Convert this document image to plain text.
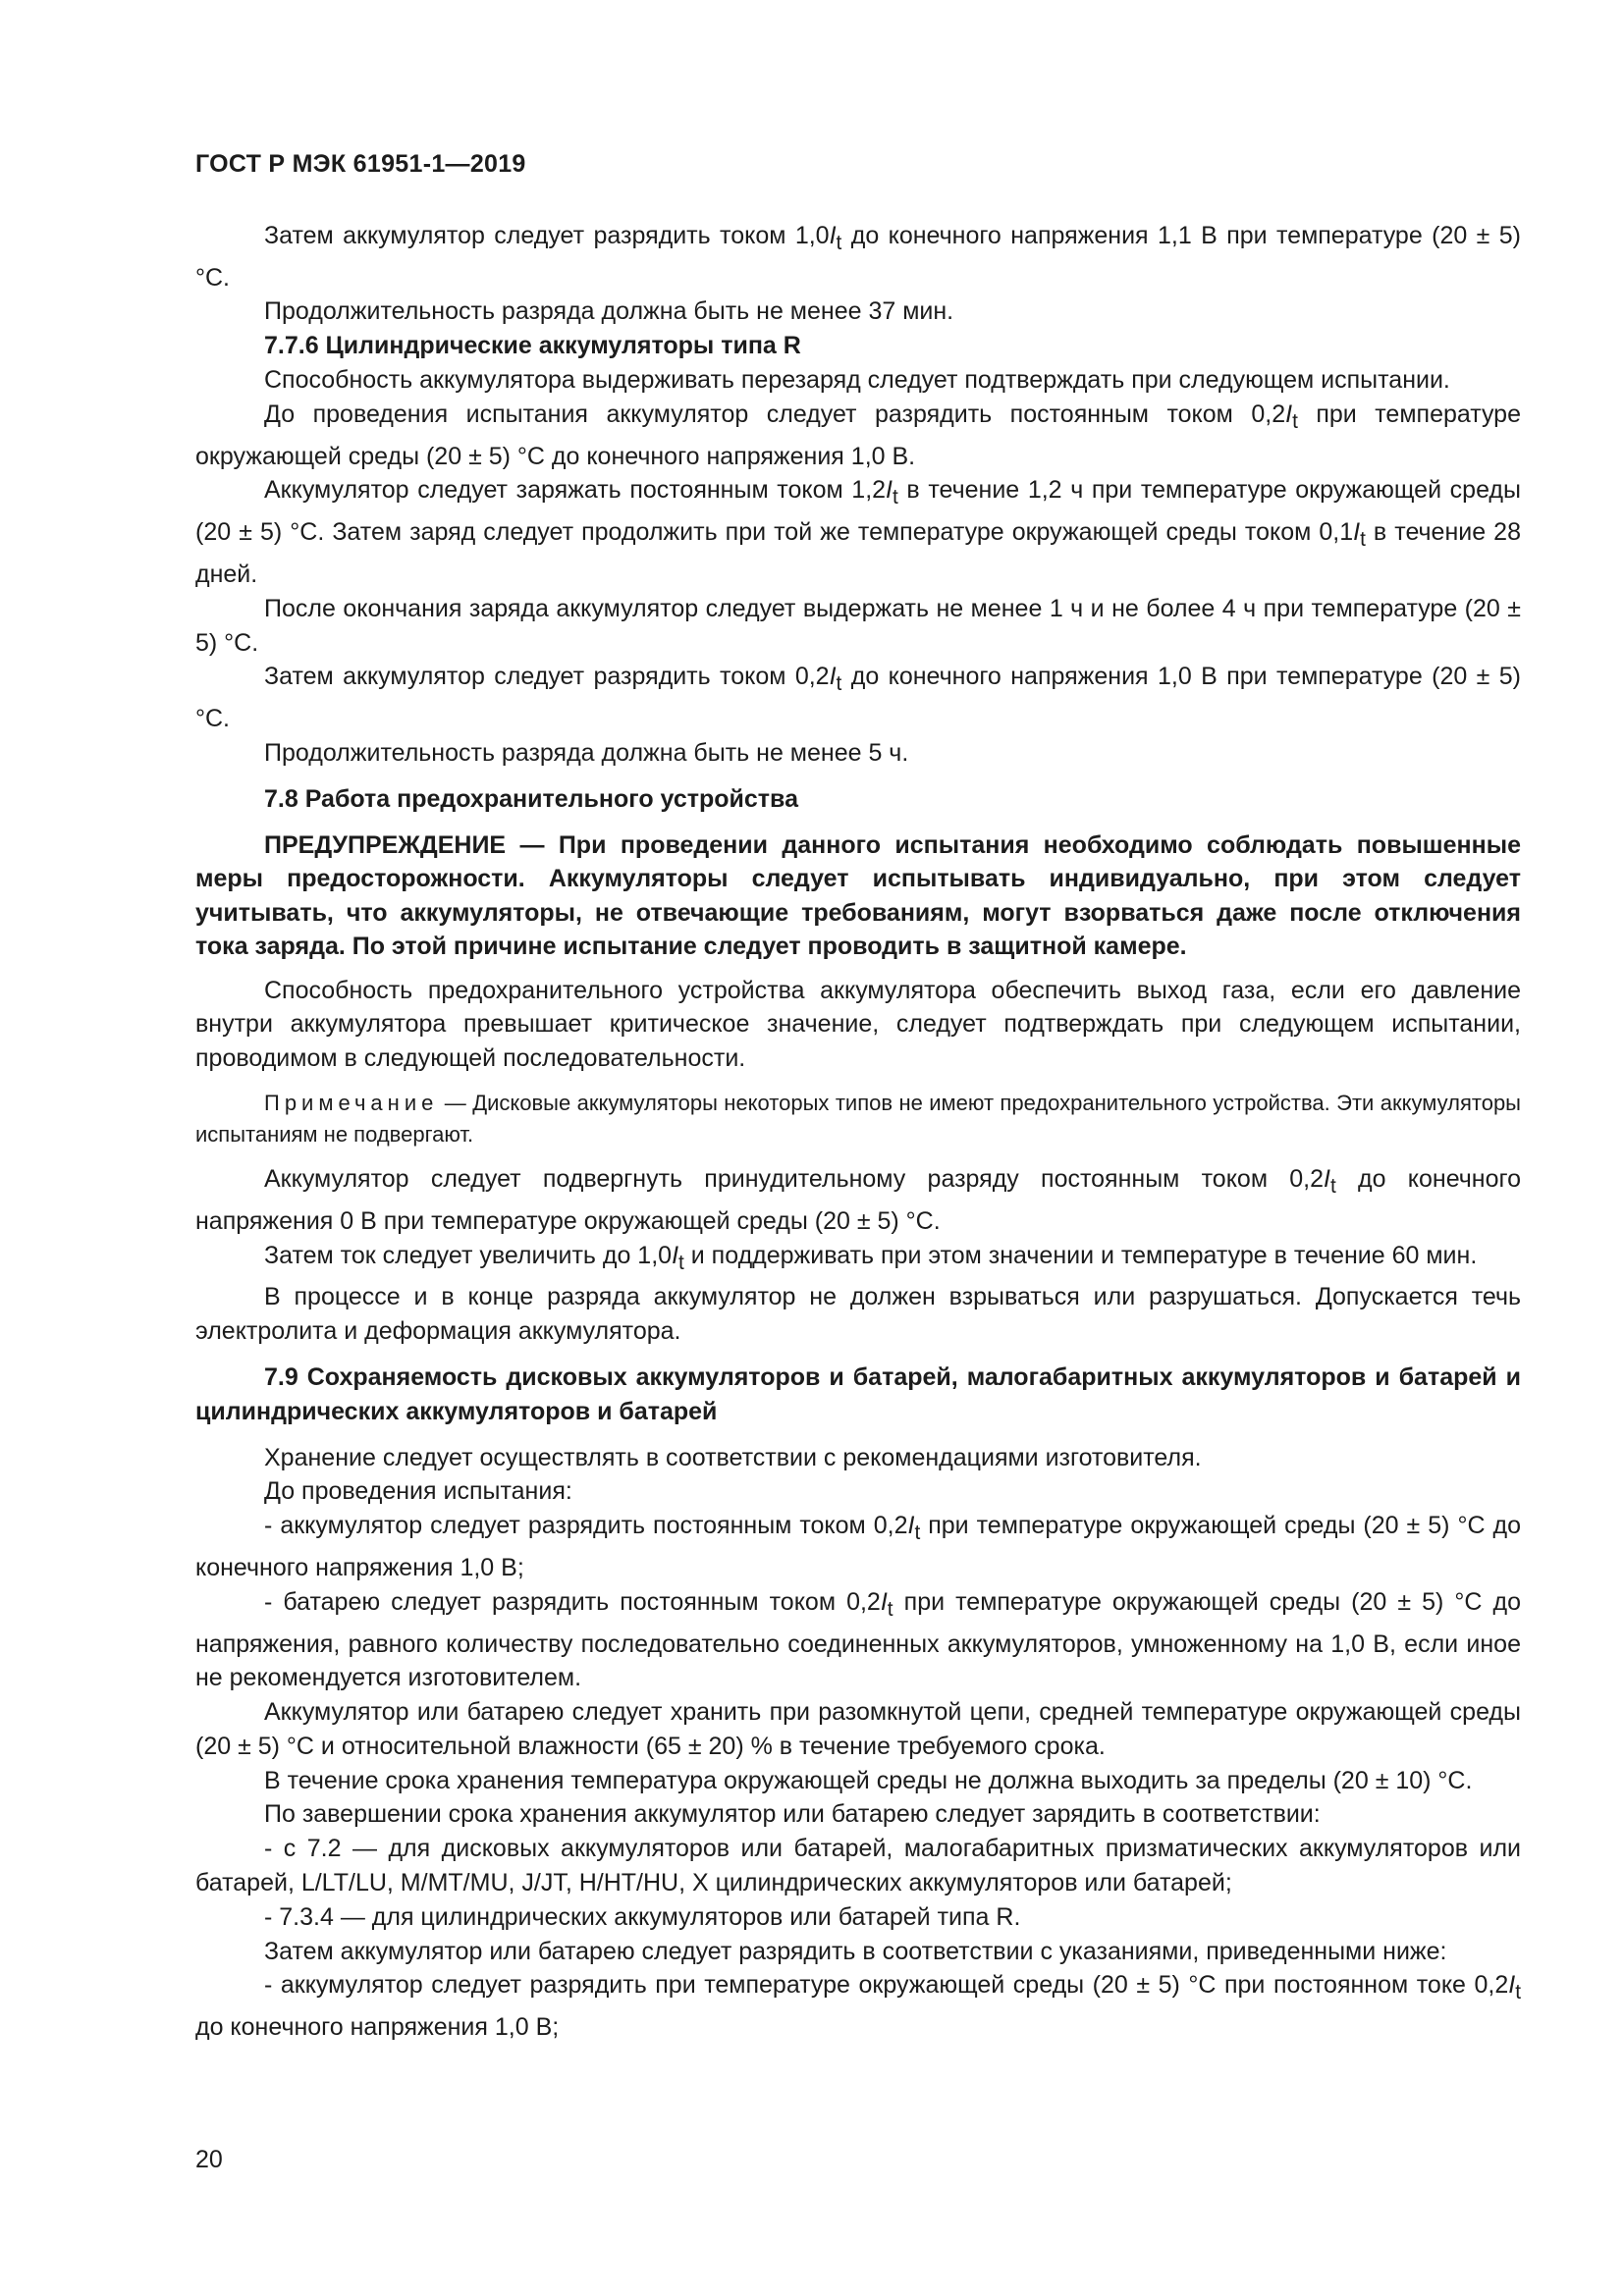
ГОСТ Р МЭК 61951-1—2019

Затем аккумулятор следует разрядить током $1,0I_t$ до конечного напряжения 1,1 В при температуре (20 ± 5) °С.

Продолжительность разряда должна быть не менее 37 мин.

7.7.6 Цилиндрические аккумуляторы типа R

Способность аккумулятора выдерживать перезаряд следует подтверждать при следующем испытании.

До проведения испытания аккумулятор следует разрядить постоянным током $0,2I_t$ при температуре окружающей среды (20 ± 5) °С до конечного напряжения 1,0 В.

Аккумулятор следует заряжать постоянным током $1,2I_t$ в течение 1,2 ч при температуре окружающей среды (20 ± 5) °С. Затем заряд следует продолжить при той же температуре окружающей среды током $0,1I_t$ в течение 28 дней.

После окончания заряда аккумулятор следует выдержать не менее 1 ч и не более 4 ч при температуре (20 ± 5) °С.

Затем аккумулятор следует разрядить током $0,2I_t$ до конечного напряжения 1,0 В при температуре (20 ± 5) °С.

Продолжительность разряда должна быть не менее 5 ч.

7.8 Работа предохранительного устройства

ПРЕДУПРЕЖДЕНИЕ — При проведении данного испытания необходимо соблюдать повышенные меры предосторожности. Аккумуляторы следует испытывать индивидуально, при этом следует учитывать, что аккумуляторы, не отвечающие требованиям, могут взорваться даже после отключения тока заряда. По этой причине испытание следует проводить в защитной камере.

Способность предохранительного устройства аккумулятора обеспечить выход газа, если его давление внутри аккумулятора превышает критическое значение, следует подтверждать при следующем испытании, проводимом в следующей последовательности.

Примечание — Дисковые аккумуляторы некоторых типов не имеют предохранительного устройства. Эти аккумуляторы испытаниям не подвергают.

Аккумулятор следует подвергнуть принудительному разряду постоянным током $0,2I_t$ до конечного напряжения 0 В при температуре окружающей среды (20 ± 5) °С.

Затем ток следует увеличить до $1,0I_t$ и поддерживать при этом значении и температуре в течение 60 мин.

В процессе и в конце разряда аккумулятор не должен взрываться или разрушаться. Допускается течь электролита и деформация аккумулятора.

7.9 Сохраняемость дисковых аккумуляторов и батарей, малогабаритных аккумуляторов и батарей и цилиндрических аккумуляторов и батарей

Хранение следует осуществлять в соответствии с рекомендациями изготовителя.

До проведения испытания:

- аккумулятор следует разрядить постоянным током $0,2I_t$ при температуре окружающей среды (20 ± 5) °С до конечного напряжения 1,0 В;

- батарею следует разрядить постоянным током $0,2I_t$ при температуре окружающей среды (20 ± 5) °С до напряжения, равного количеству последовательно соединенных аккумуляторов, умноженному на 1,0 В, если иное не рекомендуется изготовителем.

Аккумулятор или батарею следует хранить при разомкнутой цепи, средней температуре окружающей среды (20 ± 5) °С и относительной влажности (65 ± 20) % в течение требуемого срока.

В течение срока хранения температура окружающей среды не должна выходить за пределы (20 ± 10) °С.

По завершении срока хранения аккумулятор или батарею следует зарядить в соответствии:

- с 7.2 — для дисковых аккумуляторов или батарей, малогабаритных призматических аккумуляторов или батарей, L/LT/LU, M/MT/MU, J/JT, H/HT/HU, X цилиндрических аккумуляторов или батарей;

- 7.3.4 — для цилиндрических аккумуляторов или батарей типа R.

Затем аккумулятор или батарею следует разрядить в соответствии с указаниями, приведенными ниже:

- аккумулятор следует разрядить при температуре окружающей среды (20 ± 5) °С при постоянном токе $0,2I_t$ до конечного напряжения 1,0 В;

20
